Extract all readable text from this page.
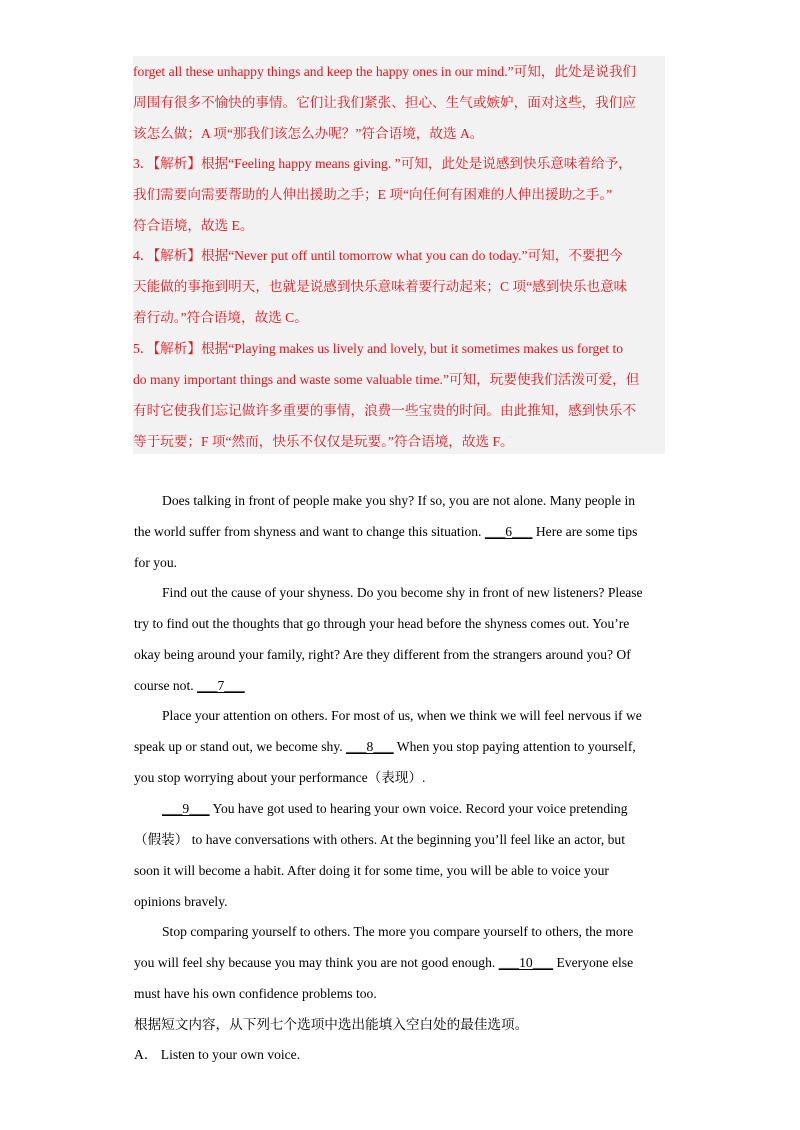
forget all these unhappy things and keep the happy ones in our mind.”可知，此处是说我们
周围有很多不愉快的事情。它们让我们紧张、担心、生气或嫉妒，面对这些，我们应
该怎么做；A 项“那我们该怎么办呢？”符合语境，故选 A。
3．【解析】根据“Feeling happy means giving. ”可知，此处是说感到快乐意味着给予，
我们需要向需要帮助的人伸出援助之手；E 项“向任何有困难的人伸出援助之手。”
符合语境，故选 E。
4．【解析】根据“Never put off until tomorrow what you can do today.”可知，不要把今
天能做的事拖到明天，也就是说感到快乐意味着要行动起来；C 项“感到快乐也意味
着行动。”符合语境，故选 C。
5．【解析】根据“Playing makes us lively and lovely, but it sometimes makes us forget to
do many important things and waste some valuable time.”可知，玩要使我们活泼可爱，但
有时它使我们忘记做许多重要的事情，浪费一些宝贵的时间。由此推知，感到快乐不
等于玩要；F 项“然而，快乐不仅仅是玩要。”符合语境，故选 F。
Does talking in front of people make you shy? If so, you are not alone. Many people in
the world suffer from shyness and want to change this situation. ___6___ Here are some tips
for you.
Find out the cause of your shyness. Do you become shy in front of new listeners? Please
try to find out the thoughts that go through your head before the shyness comes out. You’re
okay being around your family, right? Are they different from the strangers around you? Of
course not. ___7___
Place your attention on others. For most of us, when we think we will feel nervous if we
speak up or stand out, we become shy. ___8___ When you stop paying attention to yourself,
you stop worrying about your performance（表现）.
___9___ You have got used to hearing your own voice. Record your voice pretending
（假装） to have conversations with others. At the beginning you’ll feel like an actor, but
soon it will become a habit. After doing it for some time, you will be able to voice your
opinions bravely.
Stop comparing yourself to others. The more you compare yourself to others, the more
you will feel shy because you may think you are not good enough. ___10___ Everyone else
must have his own confidence problems too.
根据短文内容，从下列七个选项中选出能填入空白处的最佳选项。
A． Listen to your own voice.
